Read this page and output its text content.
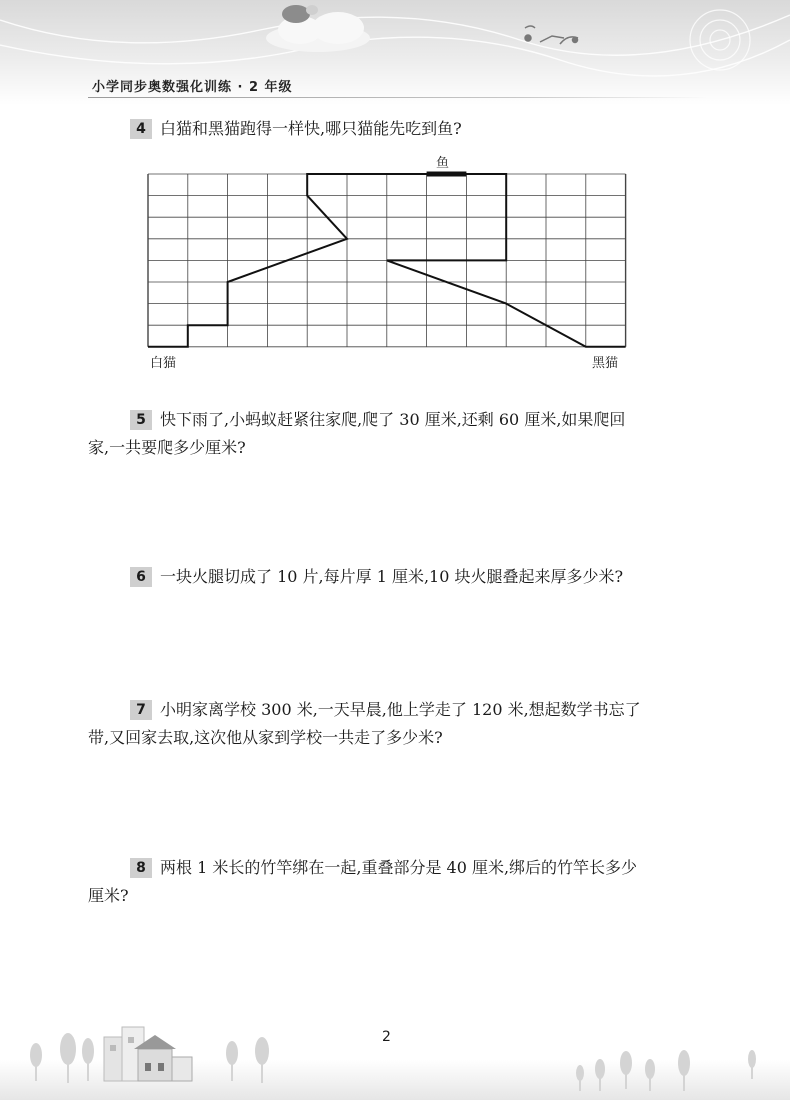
小学同步奥数强化训练 · 2 年级
4 白猫和黑猫跑得一样快,哪只猫能先吃到鱼?
鱼
白猫	黑猫
5 快下雨了,小蚂蚁赶紧往家爬,爬了 30 厘米,还剩 60 厘米,如果爬回
家,一共要爬多少厘米?
6 一块火腿切成了 10 片,每片厚 1 厘米,10 块火腿叠起来厚多少米?
7 小明家离学校 300 米,一天早晨,他上学走了 120 米,想起数学书忘了
带,又回家去取,这次他从家到学校一共走了多少米?
8 两根 1 米长的竹竿绑在一起,重叠部分是 40 厘米,绑后的竹竿长多少
厘米?
2
